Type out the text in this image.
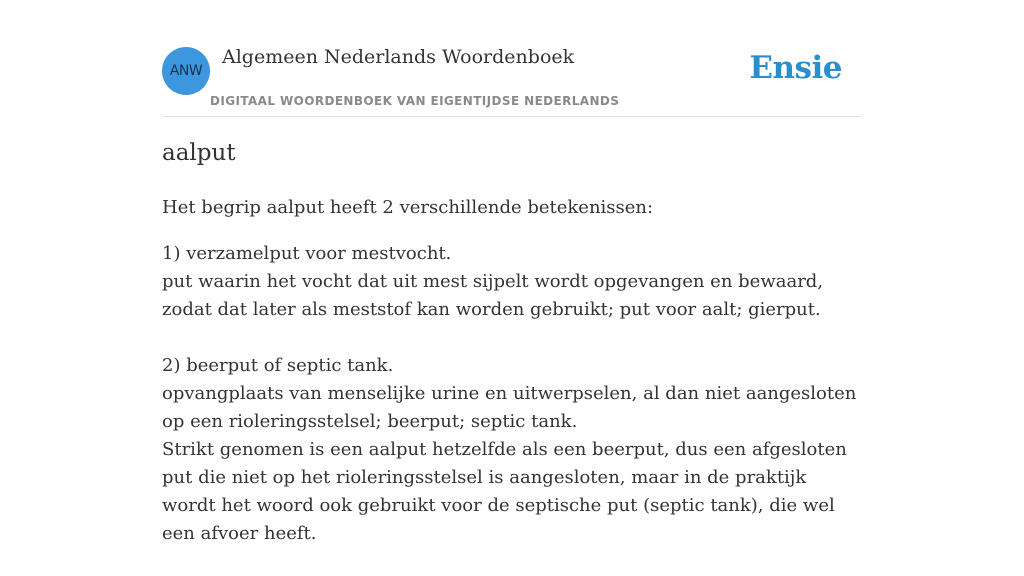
ANW
Algemeen Nederlands Woordenboek
DIGITAAL WOORDENBOEK VAN EIGENTIJDSE NEDERLANDS
Ensie
aalput

Het begrip aalput heeft 2 verschillende betekenissen:

1) verzamelput voor mestvocht.

put waarin het vocht dat uit mest sijpelt wordt opgevangen en bewaard, zodat dat later als meststof kan worden gebruikt; put voor aalt; gierput.

2) beerput of septic tank.

opvangplaats van menselijke urine en uitwerpselen, al dan niet aangesloten op een rioleringsstelsel; beerput; septic tank.

Strikt genomen is een aalput hetzelfde als een beerput, dus een afgesloten put die niet op het rioleringsstelsel is aangesloten, maar in de praktijk wordt het woord ook gebruikt voor de septische put (septic tank), die wel een afvoer heeft.
